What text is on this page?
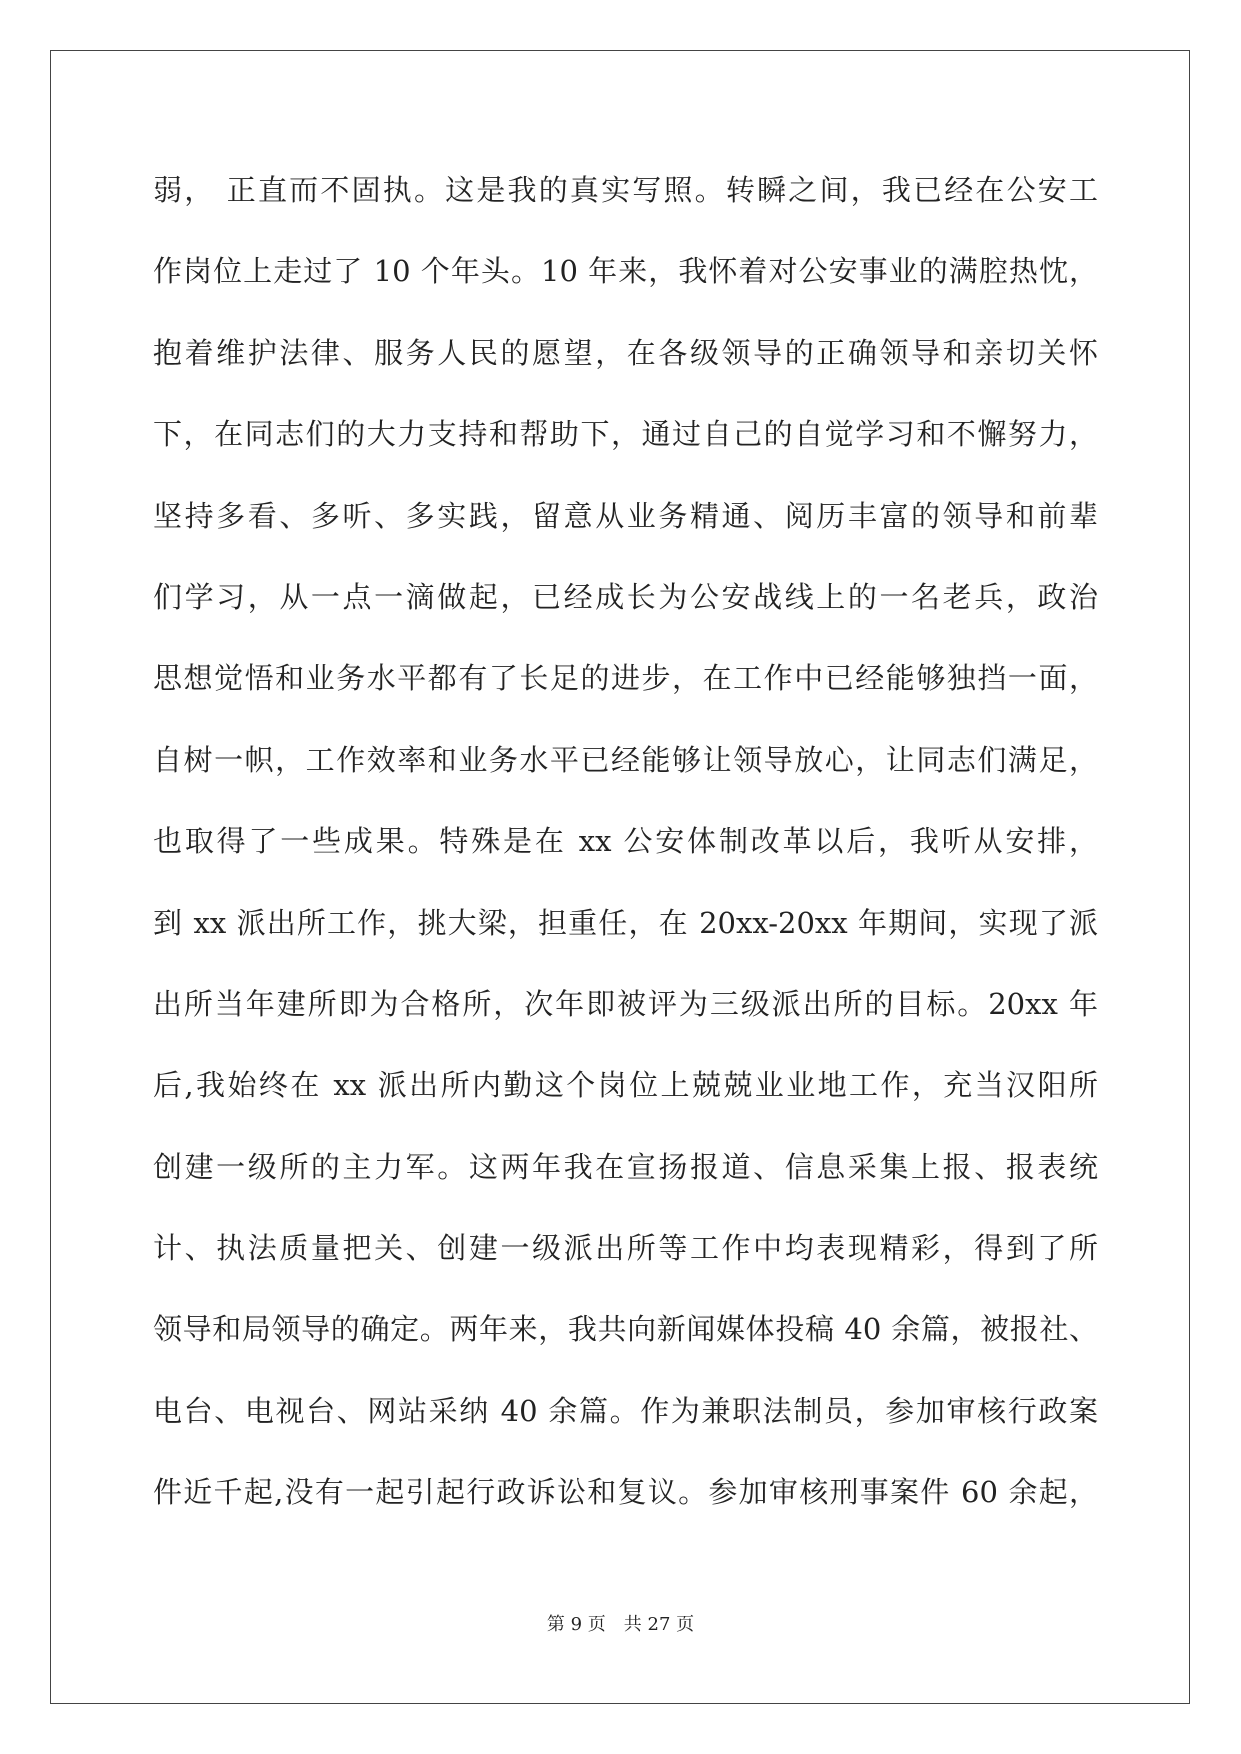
弱， 正直而不固执。这是我的真实写照。转瞬之间，我已经在公安工
作岗位上走过了 10 个年头。10 年来，我怀着对公安事业的满腔热忱，
抱着维护法律、服务人民的愿望，在各级领导的正确领导和亲切关怀
下，在同志们的大力支持和帮助下，通过自己的自觉学习和不懈努力，
坚持多看、多听、多实践，留意从业务精通、阅历丰富的领导和前辈
们学习，从一点一滴做起，已经成长为公安战线上的一名老兵，政治
思想觉悟和业务水平都有了长足的进步，在工作中已经能够独挡一面，
自树一帜，工作效率和业务水平已经能够让领导放心，让同志们满足，
也取得了一些成果。特殊是在 xx 公安体制改革以后，我听从安排，
到 xx 派出所工作，挑大梁，担重任，在 20xx-20xx 年期间，实现了派
出所当年建所即为合格所，次年即被评为三级派出所的目标。20xx 年
后,我始终在 xx 派出所内勤这个岗位上兢兢业业地工作，充当汉阳所
创建一级所的主力军。这两年我在宣扬报道、信息采集上报、报表统
计、执法质量把关、创建一级派出所等工作中均表现精彩，得到了所
领导和局领导的确定。两年来，我共向新闻媒体投稿 40 余篇，被报社、
电台、电视台、网站采纳 40 余篇。作为兼职法制员，参加审核行政案
件近千起,没有一起引起行政诉讼和复议。参加审核刑事案件 60 余起，
第 9 页　共 27 页
